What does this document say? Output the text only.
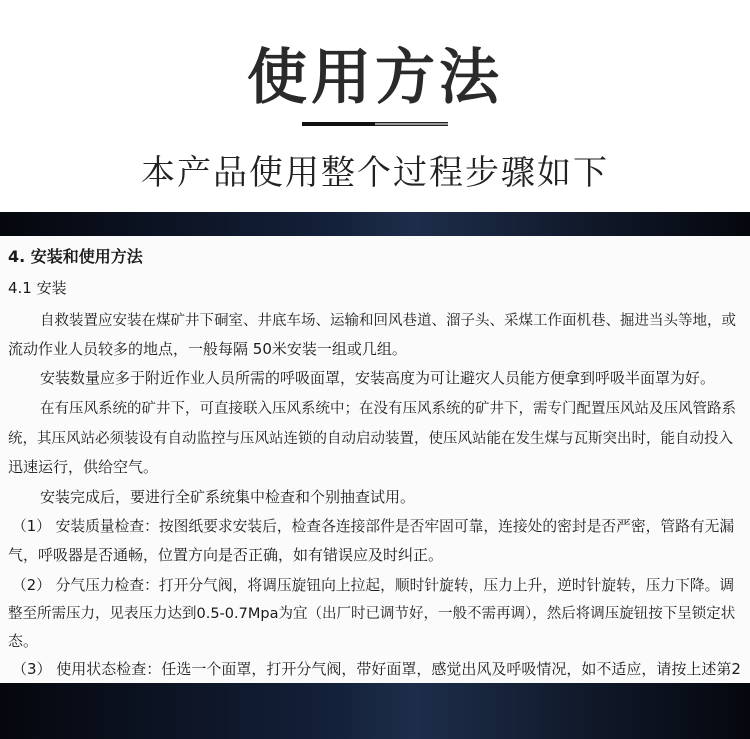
使用方法
本产品使用整个过程步骤如下
4. 安装和使用方法
4.1 安装
自救装置应安装在煤矿井下硐室、井底车场、运输和回风巷道、溜子头、采煤工作面机巷、掘进当头等地，或
流动作业人员较多的地点，一般每隔 50米安装一组或几组。
安装数量应多于附近作业人员所需的呼吸面罩，安装高度为可让避灾人员能方便拿到呼吸半面罩为好。
在有压风系统的矿井下，可直接联入压风系统中；在没有压风系统的矿井下，需专门配置压风站及压风管路系
统，其压风站必须装设有自动监控与压风站连锁的自动启动装置，使压风站能在发生煤与瓦斯突出时，能自动投入
迅速运行，供给空气。
安装完成后，要进行全矿系统集中检查和个别抽查试用。
（1） 安装质量检查：按图纸要求安装后，检查各连接部件是否牢固可靠，连接处的密封是否严密，管路有无漏
气，呼吸器是否通畅，位置方向是否正确，如有错误应及时纠正。
（2） 分气压力检查：打开分气阀，将调压旋钮向上拉起，顺时针旋转，压力上升，逆时针旋转，压力下降。调
整至所需压力，见表压力达到0.5-0.7Mpa为宜（出厂时已调节好，一般不需再调），然后将调压旋钮按下呈锁定状
态。
（3） 使用状态检查：任选一个面罩，打开分气阀，带好面罩，感觉出风及呼吸情况，如不适应，请按上述第2
